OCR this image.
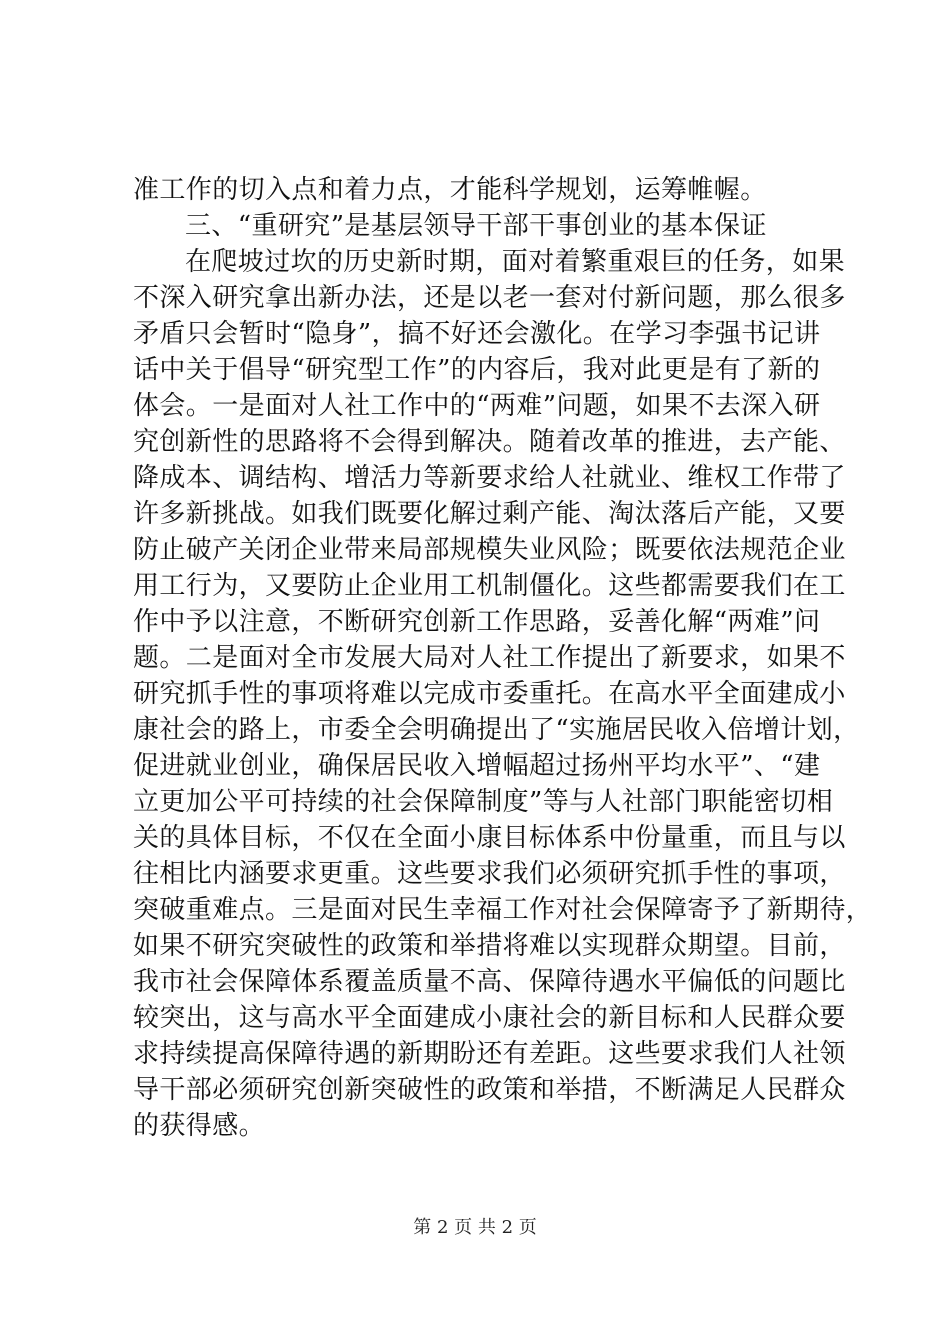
准工作的切入点和着力点，才能科学规划，运筹帷幄。
三、“重研究”是基层领导干部干事创业的基本保证
在爬坡过坎的历史新时期，面对着繁重艰巨的任务，如果
不深入研究拿出新办法，还是以老一套对付新问题，那么很多
矛盾只会暂时“隐身”，搞不好还会激化。在学习李强书记讲
话中关于倡导“研究型工作”的内容后，我对此更是有了新的
体会。一是面对人社工作中的“两难”问题，如果不去深入研
究创新性的思路将不会得到解决。随着改革的推进，去产能、
降成本、调结构、增活力等新要求给人社就业、维权工作带了
许多新挑战。如我们既要化解过剩产能、淘汰落后产能，又要
防止破产关闭企业带来局部规模失业风险；既要依法规范企业
用工行为，又要防止企业用工机制僵化。这些都需要我们在工
作中予以注意，不断研究创新工作思路，妥善化解“两难”问
题。二是面对全市发展大局对人社工作提出了新要求，如果不
研究抓手性的事项将难以完成市委重托。在高水平全面建成小
康社会的路上，市委全会明确提出了“实施居民收入倍增计划，
促进就业创业，确保居民收入增幅超过扬州平均水平”、“建
立更加公平可持续的社会保障制度”等与人社部门职能密切相
关的具体目标，不仅在全面小康目标体系中份量重，而且与以
往相比内涵要求更重。这些要求我们必须研究抓手性的事项，
突破重难点。三是面对民生幸福工作对社会保障寄予了新期待，
如果不研究突破性的政策和举措将难以实现群众期望。目前，
我市社会保障体系覆盖质量不高、保障待遇水平偏低的问题比
较突出，这与高水平全面建成小康社会的新目标和人民群众要
求持续提高保障待遇的新期盼还有差距。这些要求我们人社领
导干部必须研究创新突破性的政策和举措，不断满足人民群众
的获得感。
第 2 页 共 2 页
